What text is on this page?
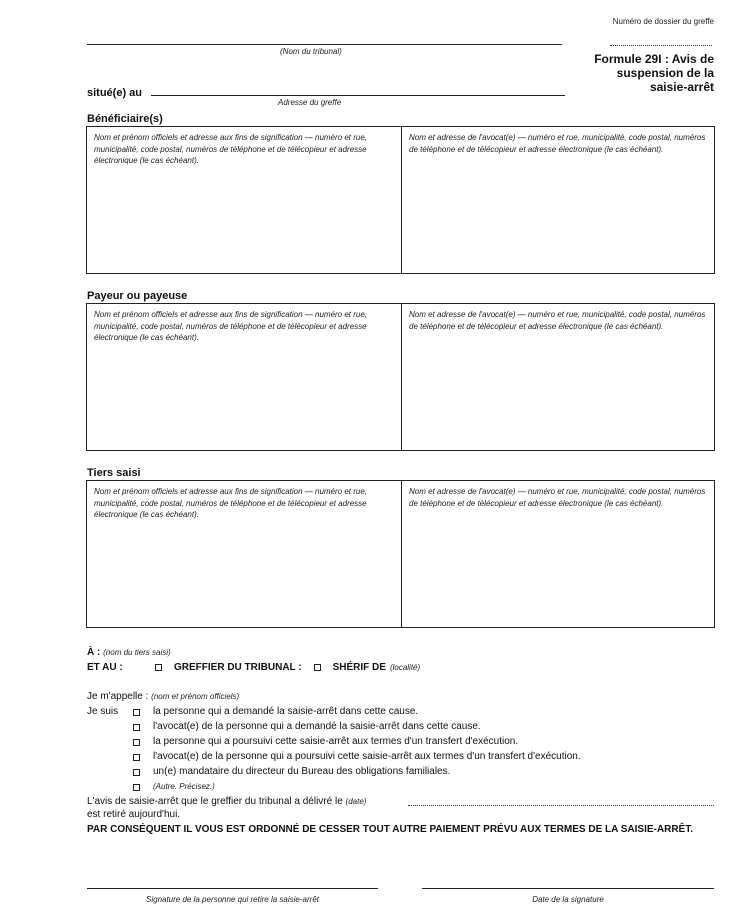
Numéro de dossier du greffe
(Nom du tribunal)
Formule 29I : Avis de
suspension de la
saisie-arrêt
situé(e) au
Adresse du greffe
Bénéficiaire(s)
Nom et prénom officiels et adresse aux fins de signification — numéro et rue, municipalité, code postal, numéros de téléphone et de télécopieur et adresse électronique (le cas échéant).
Nom et adresse de l'avocat(e) — numéro et rue, municipalité, code postal, numéros de téléphone et de télécopieur et adresse électronique (le cas échéant).
Payeur ou payeuse
Nom et prénom officiels et adresse aux fins de signification — numéro et rue, municipalité, code postal, numéros de téléphone et de télécopieur et adresse électronique (le cas échéant).
Nom et adresse de l'avocat(e) — numéro et rue, municipalité, code postal, numéros de téléphone et de télécopieur et adresse électronique (le cas échéant).
Tiers saisi
Nom et prénom officiels et adresse aux fins de signification — numéro et rue, municipalité, code postal, numéros de téléphone et de télécopieur et adresse électronique (le cas échéant).
Nom et adresse de l'avocat(e) — numéro et rue, municipalité, code postal, numéros de téléphone et de télécopieur et adresse électronique (le cas échéant).
À : (nom du tiers saisi)
ET AU :	GREFFIER DU TRIBUNAL :	SHÉRIF DE (localité)
Je m'appelle : (nom et prénom officiels)
Je suis	la personne qui a demandé la saisie-arrêt dans cette cause.
l'avocat(e) de la personne qui a demandé la saisie-arrêt dans cette cause.
la personne qui a poursuivi cette saisie-arrêt aux termes d'un transfert d'exécution.
l'avocat(e) de la personne qui a poursuivi cette saisie-arrêt aux termes d'un transfert d'exécution.
un(e) mandataire du directeur du Bureau des obligations familiales.
(Autre. Précisez.)
L'avis de saisie-arrêt que le greffier du tribunal a délivré le (date)
est retiré aujourd'hui.
PAR CONSÉQUENT IL VOUS EST ORDONNÉ DE CESSER TOUT AUTRE PAIEMENT PRÉVU AUX TERMES DE LA SAISIE-ARRÊT.
Signature de la personne qui retire la saisie-arrêt	Date de la signature
